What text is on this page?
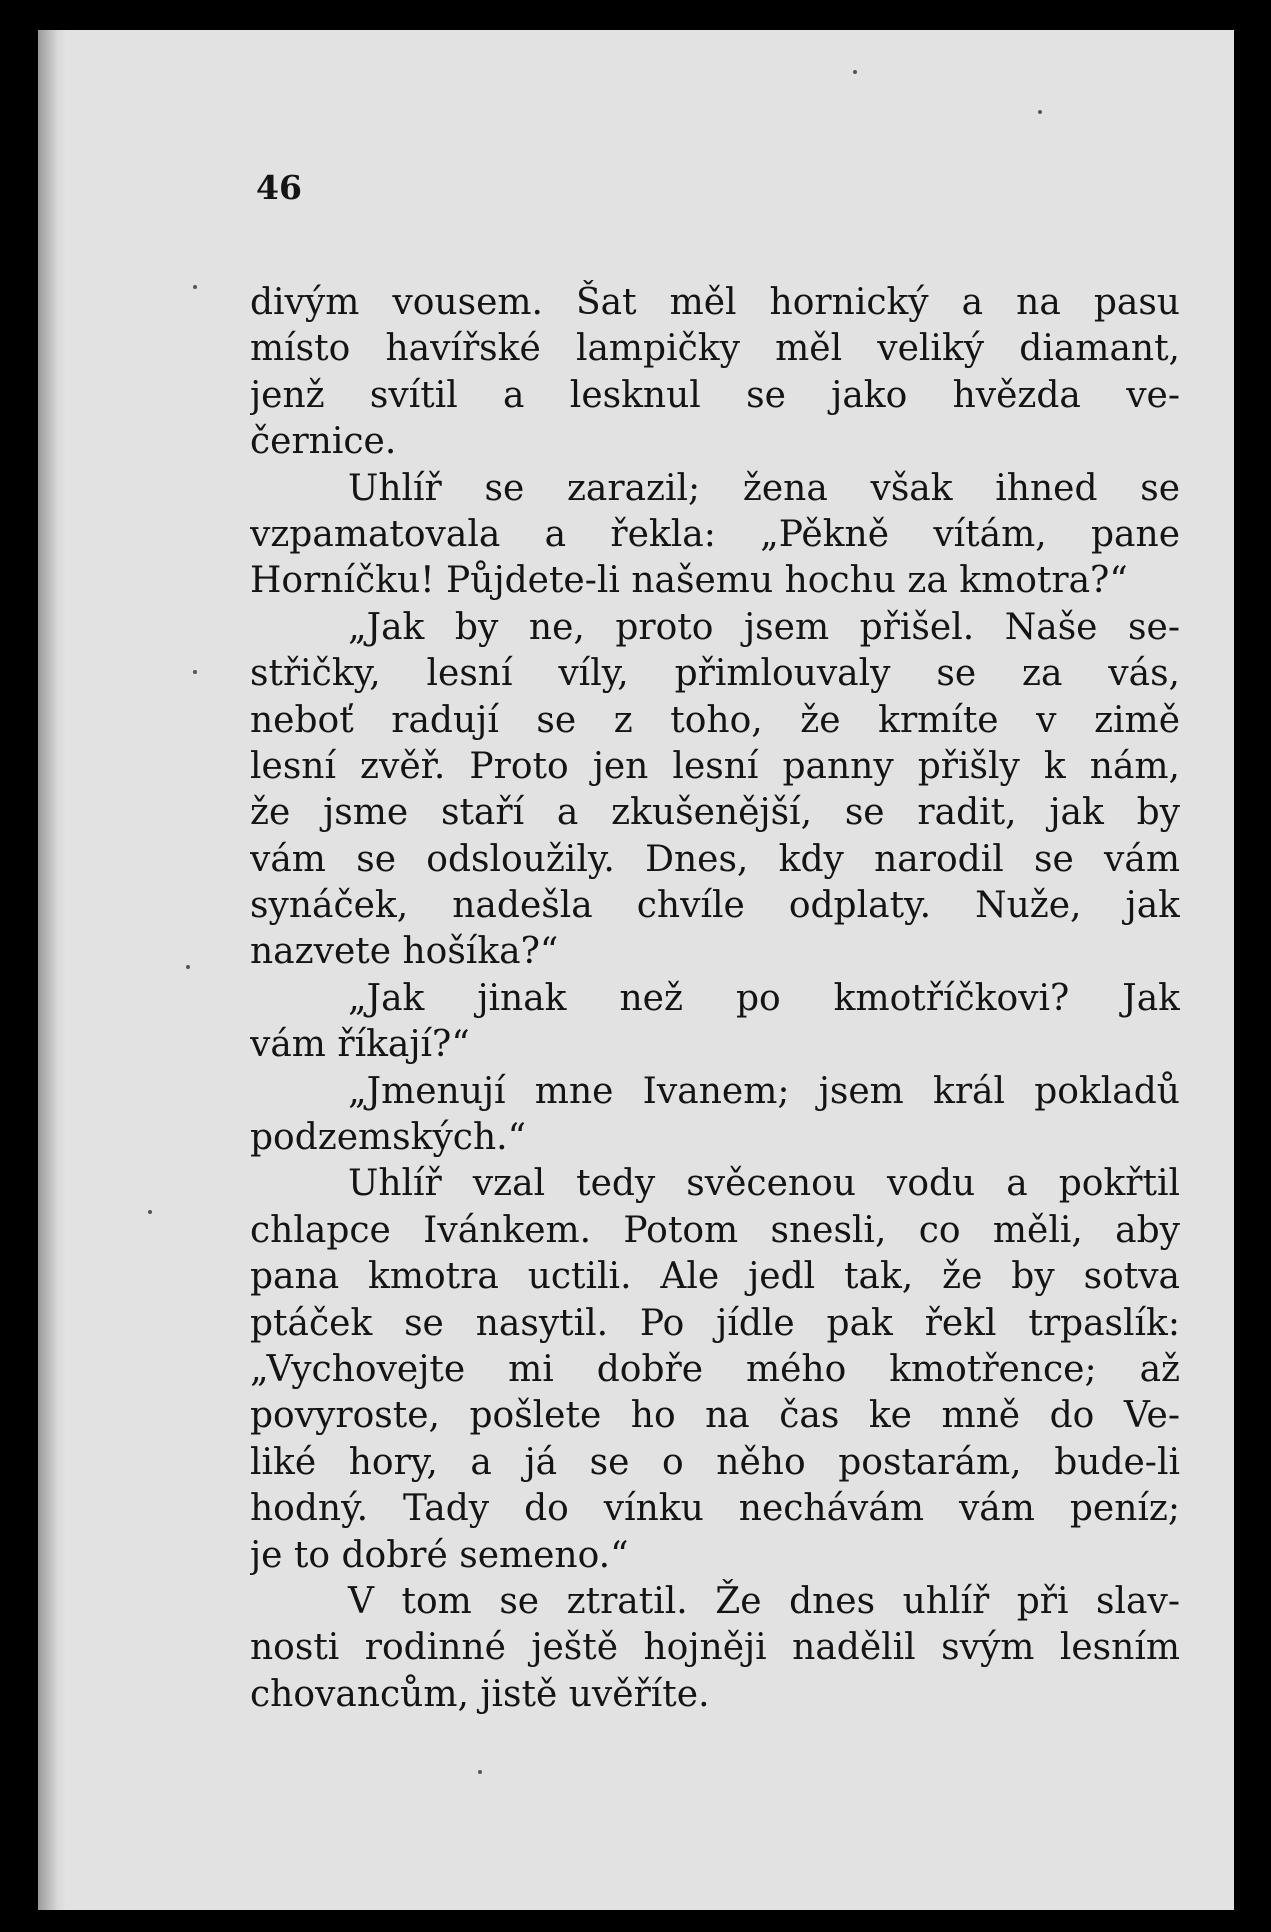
46

divým vousem. Šat měl hornický a na pasu
místo havířské lampičky měl veliký diamant,
jenž svítil a lesknul se jako hvězda ve-
černice.
Uhlíř se zarazil; žena však ihned se
vzpamatovala a řekla: „Pěkně vítám, pane
Horníčku! Půjdete-li našemu hochu za kmotra?“
„Jak by ne, proto jsem přišel. Naše se-
střičky, lesní víly, přimlouvaly se za vás,
neboť radují se z toho, že krmíte v zimě
lesní zvěř. Proto jen lesní panny přišly k nám,
že jsme staří a zkušenější, se radit, jak by
vám se odsloužily. Dnes, kdy narodil se vám
synáček, nadešla chvíle odplaty. Nuže, jak
nazvete hošíka?“
„Jak jinak než po kmotříčkovi? Jak
vám říkají?“
„Jmenují mne Ivanem; jsem král pokladů
podzemských.“
Uhlíř vzal tedy svěcenou vodu a pokřtil
chlapce Ivánkem. Potom snesli, co měli, aby
pana kmotra uctili. Ale jedl tak, že by sotva
ptáček se nasytil. Po jídle pak řekl trpaslík:
„Vychovejte mi dobře mého kmotřence; až
povyroste, pošlete ho na čas ke mně do Ve-
liké hory, a já se o něho postarám, bude-li
hodný. Tady do vínku nechávám vám peníz;
je to dobré semeno.“
V tom se ztratil. Že dnes uhlíř při slav-
nosti rodinné ještě hojněji nadělil svým lesním
chovancům, jistě uvěříte.
